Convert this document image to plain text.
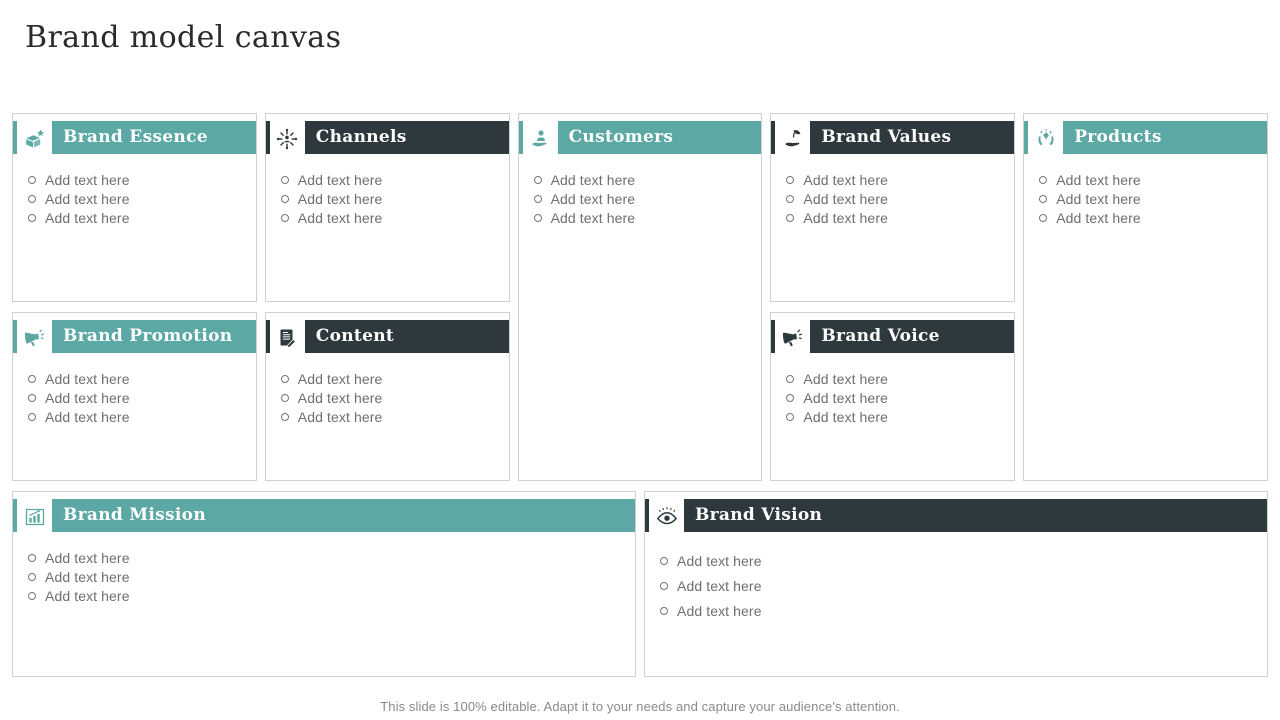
Brand model canvas
Brand Essence
Add text here
Add text here
Add text here
Channels
Add text here
Add text here
Add text here
Customers
Add text here
Add text here
Add text here
Brand Values
Add text here
Add text here
Add text here
Products
Add text here
Add text here
Add text here
Brand Promotion
Add text here
Add text here
Add text here
Content
Add text here
Add text here
Add text here
Brand Voice
Add text here
Add text here
Add text here
Brand Mission
Add text here
Add text here
Add text here
Brand Vision
Add text here
Add text here
Add text here
This slide is 100% editable. Adapt it to your needs and capture your audience's attention.
